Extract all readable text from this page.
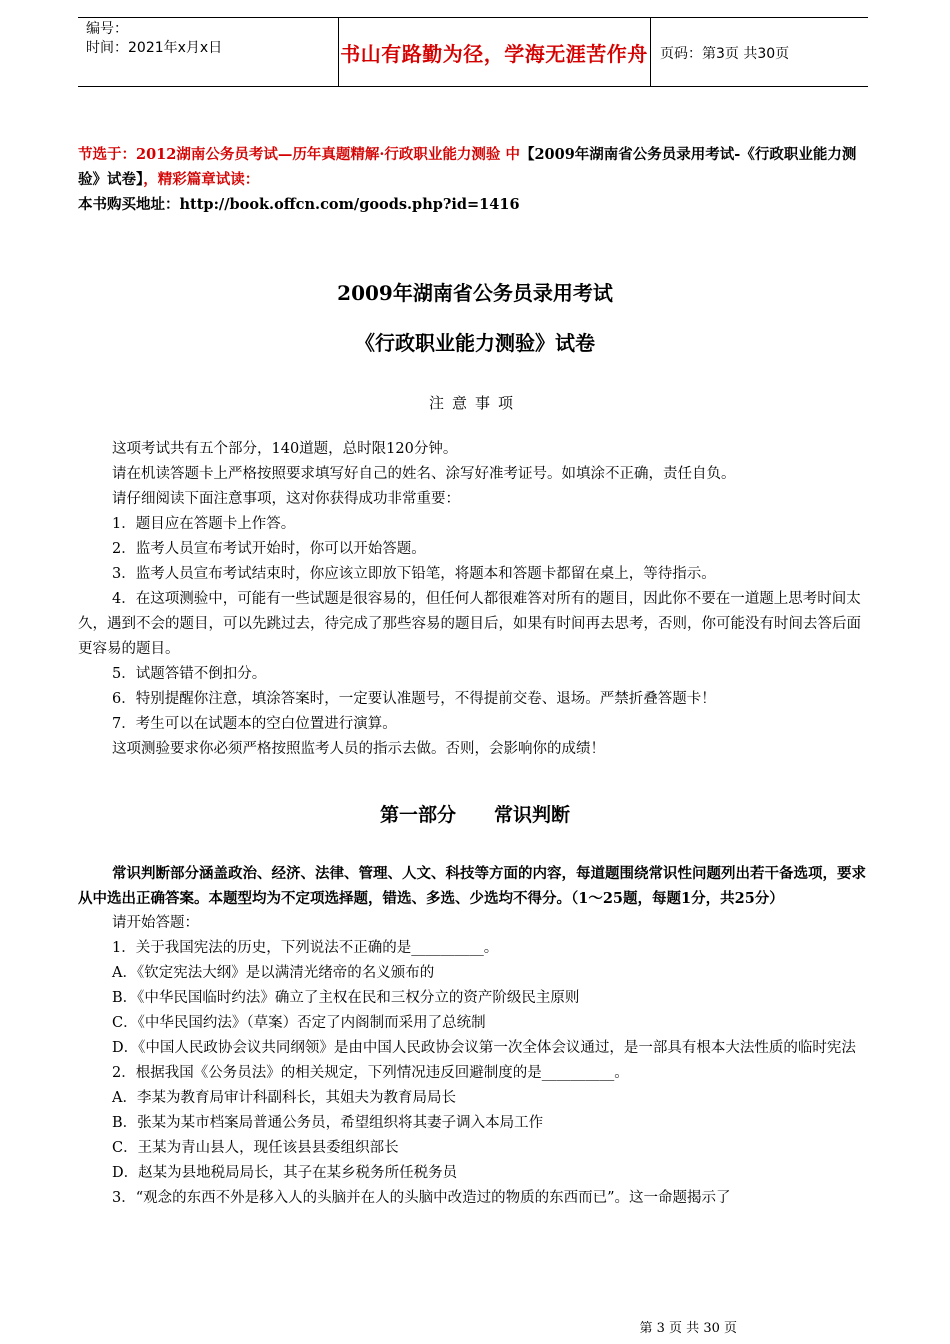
编号：
时间：2021年x月x日	书山有路勤为径，学海无涯苦作舟 页码：第3页 共30页
节选于：2012湖南公务员考试—历年真题精解·行政职业能力测验 中【2009年湖南省公务员录用考试-《行政职业能力测验》试卷】，精彩篇章试读：
本书购买地址：http://book.offcn.com/goods.php?id=1416
2009年湖南省公务员录用考试
《行政职业能力测验》试卷
注意事项

这项考试共有五个部分，140道题，总时限120分钟。

请在机读答题卡上严格按照要求填写好自己的姓名、涂写好准考证号。如填涂不正确，责任自负。

请仔细阅读下面注意事项，这对你获得成功非常重要：

1．题目应在答题卡上作答。

2．监考人员宣布考试开始时，你可以开始答题。

3．监考人员宣布考试结束时，你应该立即放下铅笔，将题本和答题卡都留在桌上，等待指示。

4．在这项测验中，可能有一些试题是很容易的，但任何人都很难答对所有的题目，因此你不要在一道题上思考时间太久，遇到不会的题目，可以先跳过去，待完成了那些容易的题目后，如果有时间再去思考，否则，你可能没有时间去答后面更容易的题目。

5．试题答错不倒扣分。

6．特别提醒你注意，填涂答案时，一定要认准题号，不得提前交卷、退场。严禁折叠答题卡！

7．考生可以在试题本的空白位置进行演算。

这项测验要求你必须严格按照监考人员的指示去做。否则，会影响你的成绩！

第一部分　　常识判断

常识判断部分涵盖政治、经济、法律、管理、人文、科技等方面的内容，每道题围绕常识性问题列出若干备选项，要求从中选出正确答案。本题型均为不定项选择题，错选、多选、少选均不得分。（1～25题，每题1分，共25分）

请开始答题：

1．关于我国宪法的历史，下列说法不正确的是__________。

A．《钦定宪法大纲》是以满清光绪帝的名义颁布的

B．《中华民国临时约法》确立了主权在民和三权分立的资产阶级民主原则

C．《中华民国约法》（草案）否定了内阁制而采用了总统制

D．《中国人民政协会议共同纲领》是由中国人民政协会议第一次全体会议通过，是一部具有根本大法性质的临时宪法

2．根据我国《公务员法》的相关规定，下列情况违反回避制度的是__________。

A．李某为教育局审计科副科长，其姐夫为教育局局长

B．张某为某市档案局普通公务员，希望组织将其妻子调入本局工作

C．王某为青山县人，现任该县县委组织部长

D．赵某为县地税局局长，其子在某乡税务所任税务员

3．“观念的东西不外是移入人的头脑并在人的头脑中改造过的物质的东西而已”。这一命题揭示了

第 3 页 共 30 页
